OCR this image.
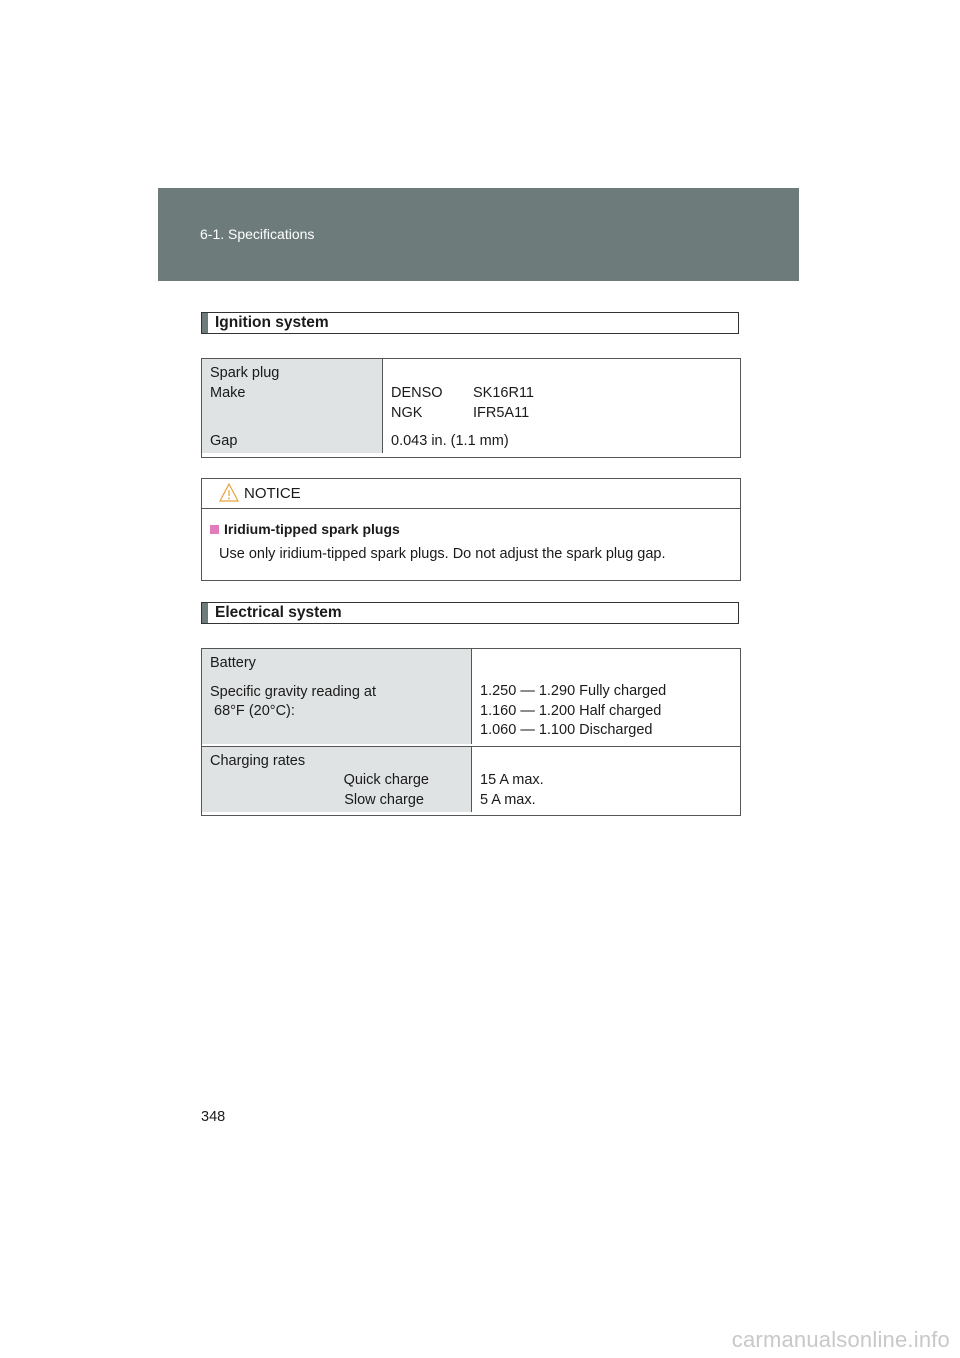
6-1. Specifications
Ignition system
Spark plug
Make
Gap
DENSO SK16R11
NGK	IFR5A11
0.043 in. (1.1 mm)
NOTICE
Iridium-tipped spark plugs
Use only iridium-tipped spark plugs. Do not adjust the spark plug gap.
Electrical system
Battery
Specific gravity reading at
68°F (20°C):
1.250 — 1.290 Fully charged
1.160 — 1.200 Half charged
1.060 — 1.100 Discharged
Charging rates
Quick charge
Slow charge
15 A max.
5 A max.
348
carmanualsonline.info
